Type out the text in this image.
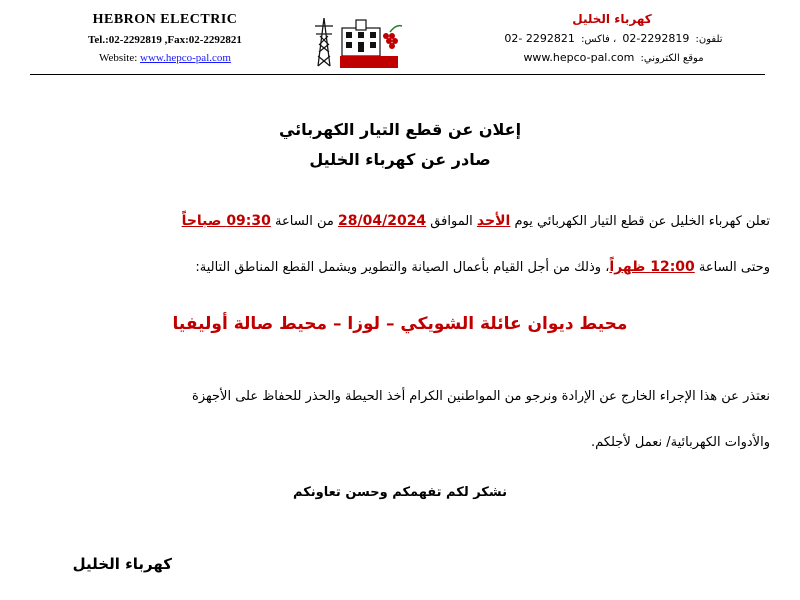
HEBRON ELECTRIC
Tel.:02-2292819 ,Fax:02-2292821
Website: www.hepco-pal.com
كهرباء الخليل
تلفون: 2292819-02 ، فاكس: 2292821 -02
موقع الكتروني: www.hepco-pal.com
إعلان عن قطع التيار الكهربائي
صادر عن كهرباء الخليل
تعلن كهرباء الخليل عن قطع التيار الكهربائي يوم الأحد الموافق 28/04/2024 من الساعة 09:30 صباحاً
وحتى الساعة 12:00 ظهراً، وذلك من أجل القيام بأعمال الصيانة والتطوير ويشمل القطع المناطق التالية:
محيط ديوان عائلة الشويكي – لوزا – محيط صالة أوليفيا
نعتذر عن هذا الإجراء الخارج عن الإرادة ونرجو من المواطنين الكرام أخذ الحيطة والحذر للحفاظ على الأجهزة
والأدوات الكهربائية/ نعمل لأجلكم.
نشكر لكم تفهمكم وحسن تعاونكم
كهرباء الخليل
